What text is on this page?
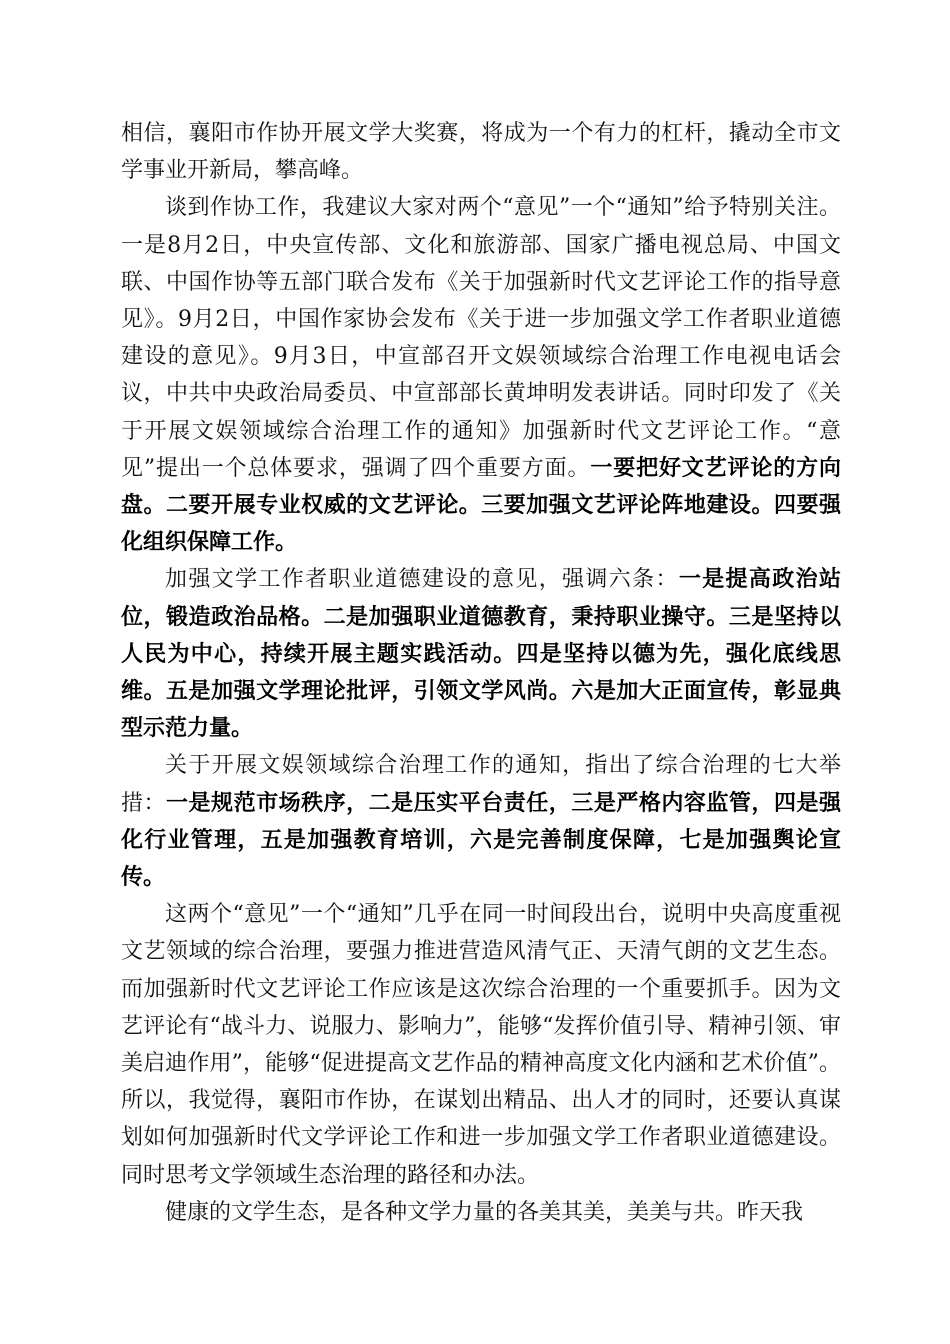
相信，襄阳市作协开展文学大奖赛，将成为一个有力的杠杆，撬动全市文学事业开新局，攀高峰。

谈到作协工作，我建议大家对两个“意见”一个“通知”给予特别关注。一是8月2日，中央宣传部、文化和旅游部、国家广播电视总局、中国文联、中国作协等五部门联合发布《关于加强新时代文艺评论工作的指导意见》。9月2日，中国作家协会发布《关于进一步加强文学工作者职业道德建设的意见》。9月3日，中宣部召开文娱领域综合治理工作电视电话会议，中共中央政治局委员、中宣部部长黄坤明发表讲话。同时印发了《关于开展文娱领域综合治理工作的通知》加强新时代文艺评论工作。“意见”提出一个总体要求，强调了四个重要方面。一要把好文艺评论的方向盘。二要开展专业权威的文艺评论。三要加强文艺评论阵地建设。四要强化组织保障工作。

加强文学工作者职业道德建设的意见，强调六条：一是提高政治站位，锻造政治品格。二是加强职业道德教育，秉持职业操守。三是坚持以人民为中心，持续开展主题实践活动。四是坚持以德为先，强化底线思维。五是加强文学理论批评，引领文学风尚。六是加大正面宣传，彰显典型示范力量。

关于开展文娱领域综合治理工作的通知，指出了综合治理的七大举措：一是规范市场秩序，二是压实平台责任，三是严格内容监管，四是强化行业管理，五是加强教育培训，六是完善制度保障，七是加强舆论宣传。

这两个“意见”一个“通知”几乎在同一时间段出台，说明中央高度重视文艺领域的综合治理，要强力推进营造风清气正、天清气朗的文艺生态。而加强新时代文艺评论工作应该是这次综合治理的一个重要抓手。因为文艺评论有“战斗力、说服力、影响力”，能够“发挥价值引导、精神引领、审美启迪作用”，能够“促进提高文艺作品的精神高度文化内涵和艺术价值”。所以，我觉得，襄阳市作协，在谋划出精品、出人才的同时，还要认真谋划如何加强新时代文学评论工作和进一步加强文学工作者职业道德建设。同时思考文学领域生态治理的路径和办法。

健康的文学生态，是各种文学力量的各美其美，美美与共。昨天我
